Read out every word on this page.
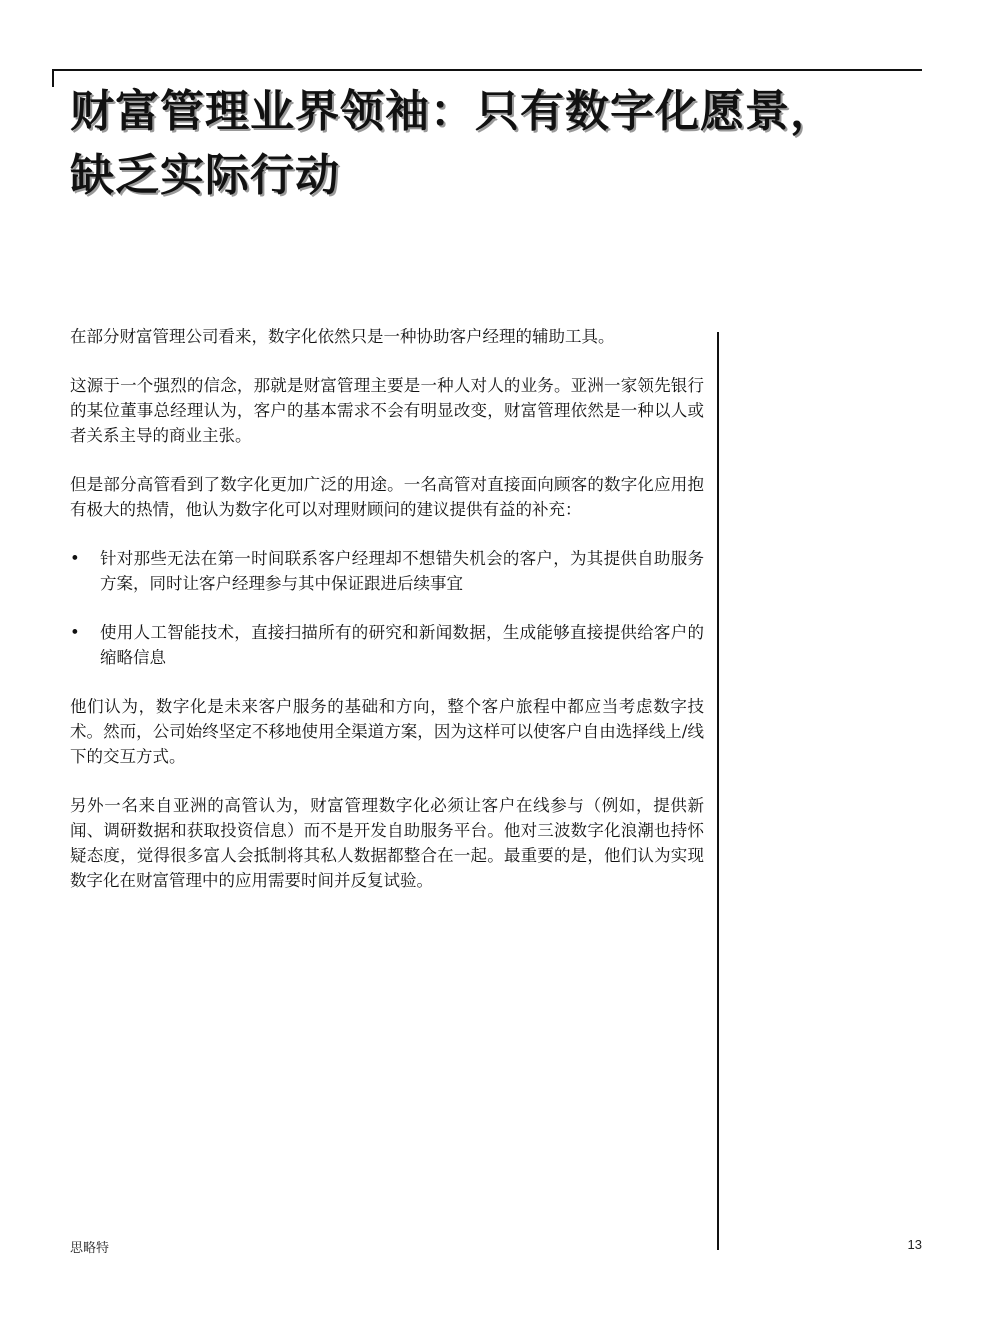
财富管理业界领袖：只有数字化愿景，
缺乏实际行动

在部分财富管理公司看来，数字化依然只是一种协助客户经理的辅助工具。

这源于一个强烈的信念，那就是财富管理主要是一种人对人的业务。亚洲一家领先银行的某位董事总经理认为，客户的基本需求不会有明显改变，财富管理依然是一种以人或者关系主导的商业主张。

但是部分高管看到了数字化更加广泛的用途。一名高管对直接面向顾客的数字化应用抱有极大的热情，他认为数字化可以对理财顾问的建议提供有益的补充：

• 针对那些无法在第一时间联系客户经理却不想错失机会的客户，为其提供自助服务方案，同时让客户经理参与其中保证跟进后续事宜
• 使用人工智能技术，直接扫描所有的研究和新闻数据，生成能够直接提供给客户的缩略信息

他们认为，数字化是未来客户服务的基础和方向，整个客户旅程中都应当考虑数字技术。然而，公司始终坚定不移地使用全渠道方案，因为这样可以使客户自由选择线上/线下的交互方式。

另外一名来自亚洲的高管认为，财富管理数字化必须让客户在线参与（例如，提供新闻、调研数据和获取投资信息）而不是开发自助服务平台。他对三波数字化浪潮也持怀疑态度，觉得很多富人会抵制将其私人数据都整合在一起。最重要的是，他们认为实现数字化在财富管理中的应用需要时间并反复试验。

思略特	13
